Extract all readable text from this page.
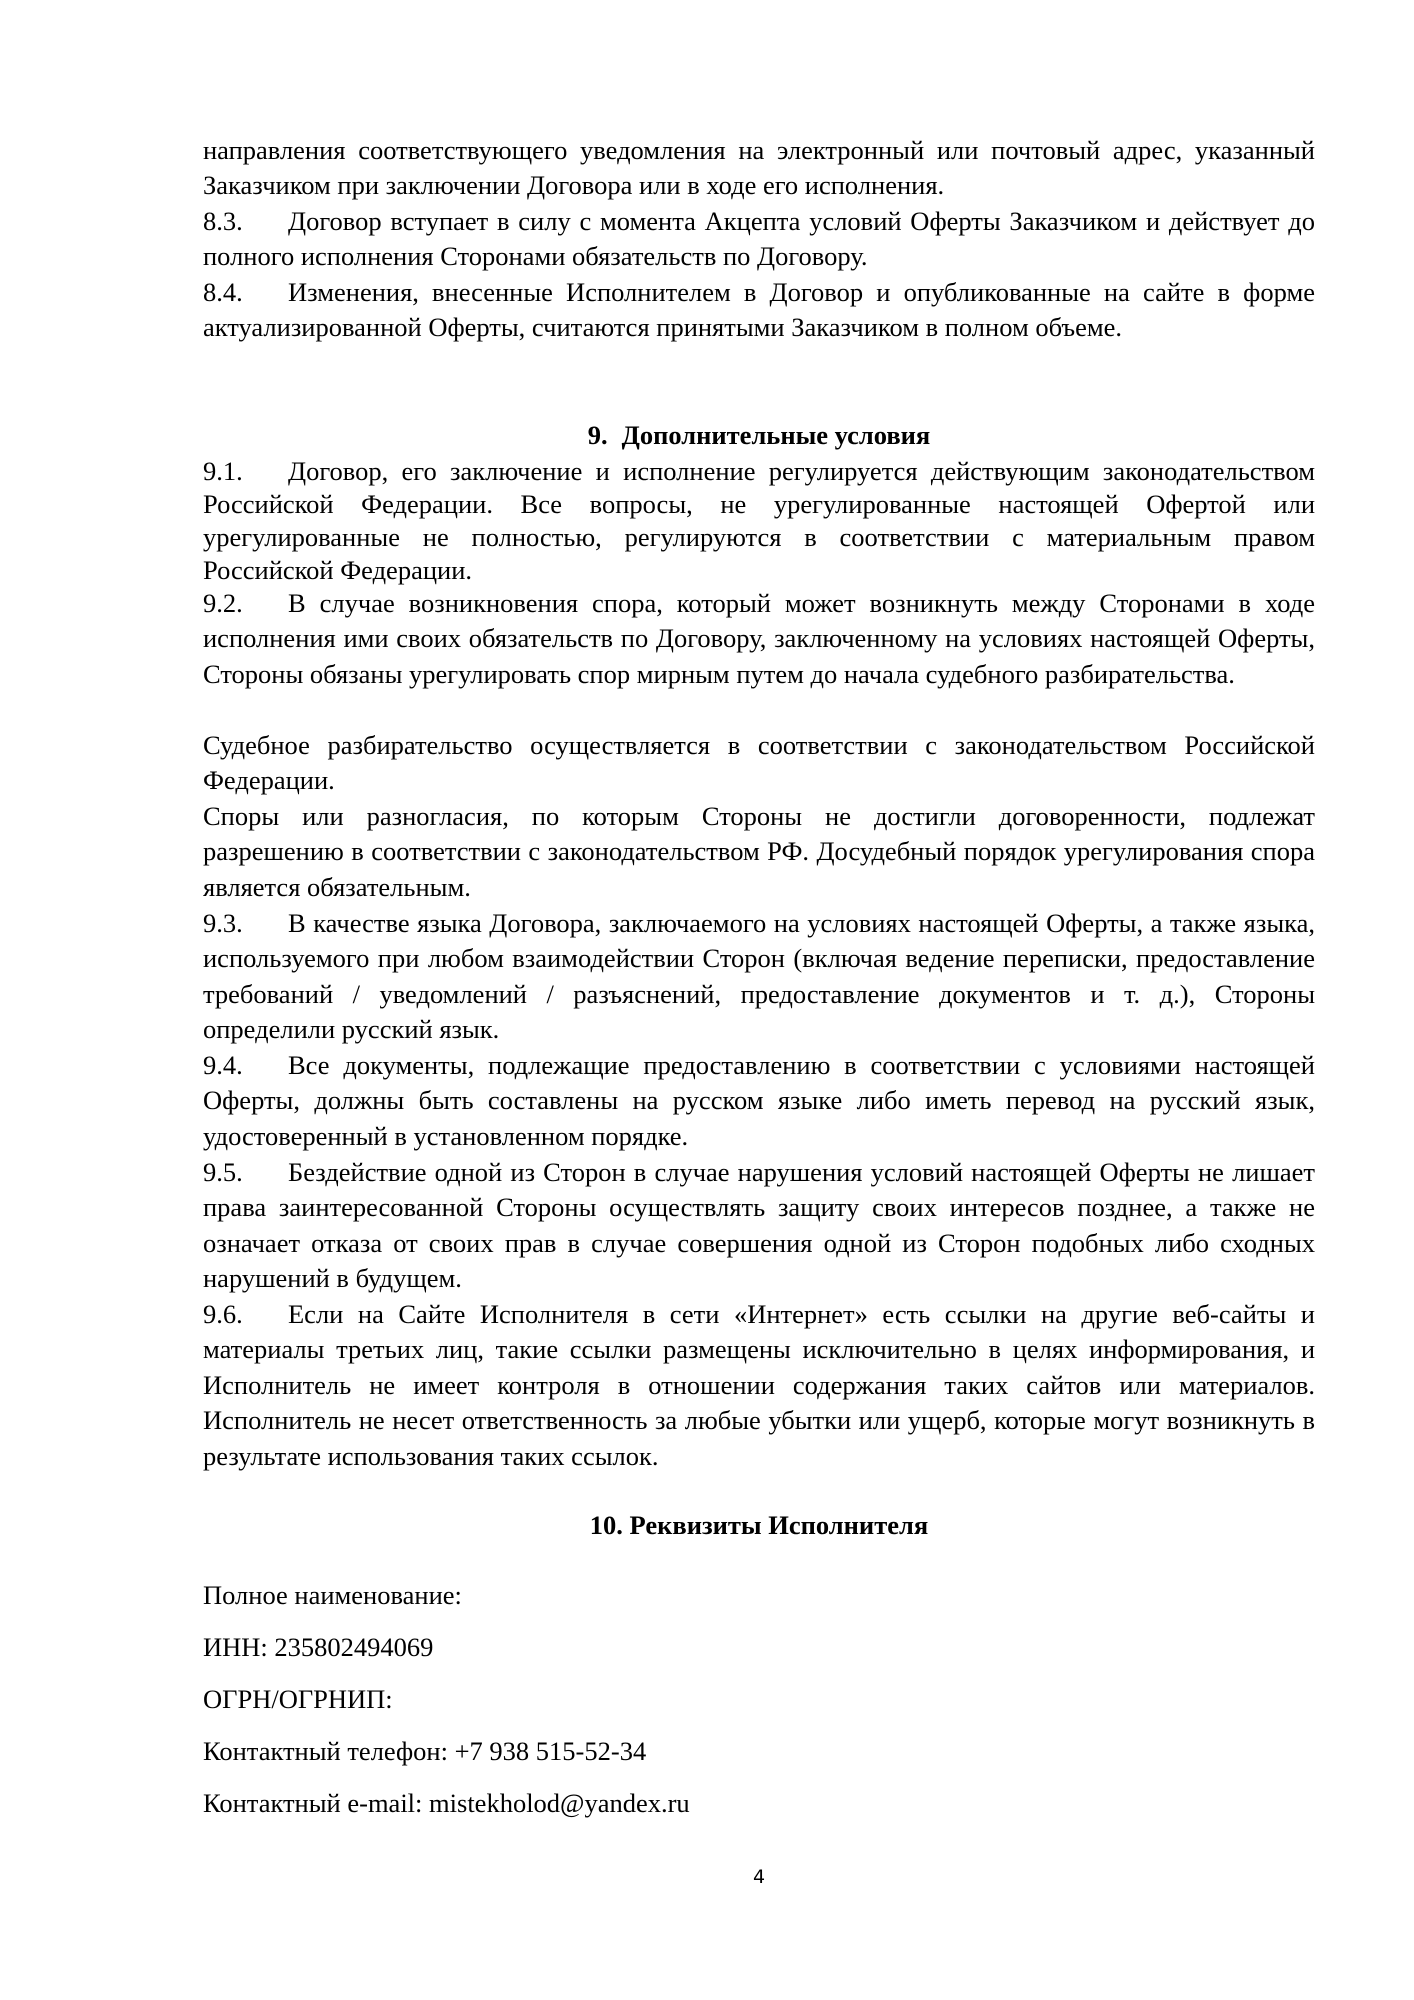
направления соответствующего уведомления на электронный или почтовый адрес, указанный Заказчиком при заключении Договора или в ходе его исполнения.

8.3. Договор вступает в силу с момента Акцепта условий Оферты Заказчиком и действует до полного исполнения Сторонами обязательств по Договору.

8.4. Изменения, внесенные Исполнителем в Договор и опубликованные на сайте в форме актуализированной Оферты, считаются принятыми Заказчиком в полном объеме.

9. Дополнительные условия

9.1. Договор, его заключение и исполнение регулируется действующим законодательством Российской Федерации. Все вопросы, не урегулированные настоящей Офертой или урегулированные не полностью, регулируются в соответствии с материальным правом Российской Федерации.

9.2. В случае возникновения спора, который может возникнуть между Сторонами в ходе исполнения ими своих обязательств по Договору, заключенному на условиях настоящей Оферты, Стороны обязаны урегулировать спор мирным путем до начала судебного разбирательства.

Судебное разбирательство осуществляется в соответствии с законодательством Российской Федерации.

Споры или разногласия, по которым Стороны не достигли договоренности, подлежат разрешению в соответствии с законодательством РФ. Досудебный порядок урегулирования спора является обязательным.

9.3. В качестве языка Договора, заключаемого на условиях настоящей Оферты, а также языка, используемого при любом взаимодействии Сторон (включая ведение переписки, предоставление требований / уведомлений / разъяснений, предоставление документов и т. д.), Стороны определили русский язык.

9.4. Все документы, подлежащие предоставлению в соответствии с условиями настоящей Оферты, должны быть составлены на русском языке либо иметь перевод на русский язык, удостоверенный в установленном порядке.

9.5. Бездействие одной из Сторон в случае нарушения условий настоящей Оферты не лишает права заинтересованной Стороны осуществлять защиту своих интересов позднее, а также не означает отказа от своих прав в случае совершения одной из Сторон подобных либо сходных нарушений в будущем.

9.6. Если на Сайте Исполнителя в сети «Интернет» есть ссылки на другие веб-сайты и материалы третьих лиц, такие ссылки размещены исключительно в целях информирования, и Исполнитель не имеет контроля в отношении содержания таких сайтов или материалов. Исполнитель не несет ответственность за любые убытки или ущерб, которые могут возникнуть в результате использования таких ссылок.

10. Реквизиты Исполнителя

Полное наименование:

ИНН: 235802494069

ОГРН/ОГРНИП:

Контактный телефон: +7 938 515-52-34

Контактный e-mail: mistekholod@yandex.ru

4
